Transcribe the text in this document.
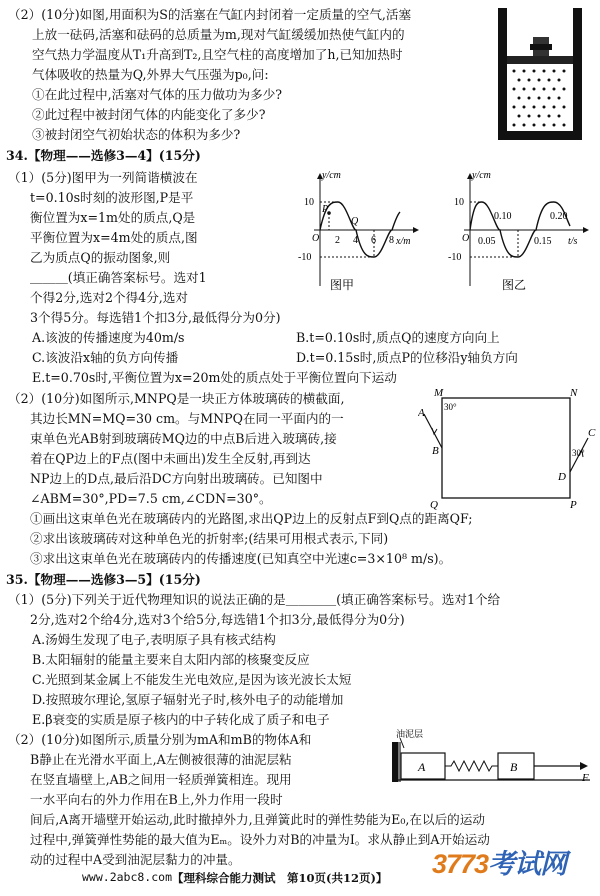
（2）(10分)如图,用面积为S的活塞在气缸内封闭着一定质量的空气,活塞
上放一砝码,活塞和砝码的总质量为m,现对气缸缓缓加热使气缸内的
空气热力学温度从T₁升高到T₂,且空气柱的高度增加了h,已知加热时
气体吸收的热量为Q,外界大气压强为p₀,问:
①在此过程中,活塞对气体的压力做功为多少?
②此过程中被封闭气体的内能变化了多少?
③被封闭空气初始状态的体积为多少?
34.【物理——选修3—4】(15分)
（1）(5分)图甲为一列简谐横波在
t=0.10s时刻的波形图,P是平
衡位置为x=1m处的质点,Q是
平衡位置为x=4m处的质点,图
乙为质点Q的振动图象,则
＿＿＿(填正确答案标号。选对1
个得2分,选对2个得4分,选对
3个得5分。每选错1个扣3分,最低得分为0分)
y/cm
x/m
10
-10
O
P
Q
2 4 6 8
图甲
y/cm
t/s
10
-10
O
0.10	0.20
0.05	0.15
图乙
A.该波的传播速度为40m/s	B.t=0.10s时,质点Q的速度方向向上
C.该波沿x轴的负方向传播	D.t=0.15s时,质点P的位移沿y轴负方向
E.t=0.70s时,平衡位置为x=20m处的质点处于平衡位置向下运动
（2）(10分)如图所示,MNPQ是一块正方体玻璃砖的横截面,
其边长MN=MQ=30 cm。与MNPQ在同一平面内的一
束单色光AB射到玻璃砖MQ边的中点B后进入玻璃砖,接
着在QP边上的F点(图中未画出)发生全反射,再到达
NP边上的D点,最后沿DC方向射出玻璃砖。已知图中
∠ABM=30°,PD=7.5 cm,∠CDN=30°。
①画出这束单色光在玻璃砖内的光路图,求出QP边上的反射点F到Q点的距离QF;
②求出该玻璃砖对这种单色光的折射率;(结果可用根式表示,下同)
③求出这束单色光在玻璃砖内的传播速度(已知真空中光速c=3×10⁸ m/s)。
M	N
P
Q
A
B
30°
C
D
30°
35.【物理——选修3—5】(15分)
（1）(5分)下列关于近代物理知识的说法正确的是＿＿＿＿(填正确答案标号。选对1个给
2分,选对2个给4分,选对3个给5分,每选错1个扣3分,最低得分为0分)
A.汤姆生发现了电子,表明原子具有核式结构
B.太阳辐射的能量主要来自太阳内部的核聚变反应
C.光照到某金属上不能发生光电效应,是因为该光波长太短
D.按照玻尔理论,氢原子辐射光子时,核外电子的动能增加
E.β衰变的实质是原子核内的中子转化成了质子和电子
（2）(10分)如图所示,质量分别为mA和mB的物体A和
B静止在光滑水平面上,A左侧被很薄的油泥层粘
在竖直墙壁上,AB之间用一轻质弹簧相连。现用
一水平向右的外力作用在B上,外力作用一段时
间后,A离开墙壁开始运动,此时撤掉外力,且弹簧此时的弹性势能为E₀,在以后的运动
过程中,弹簧弹性势能的最大值为Eₘ。设外力对B的冲量为I。求从静止到A开始运动
动的过程中A受到油泥层黏力的冲量。
油泥层
A	B
F
3773考试网
www.2abc8.com 【理科综合能力测试　第10页(共12页)】
